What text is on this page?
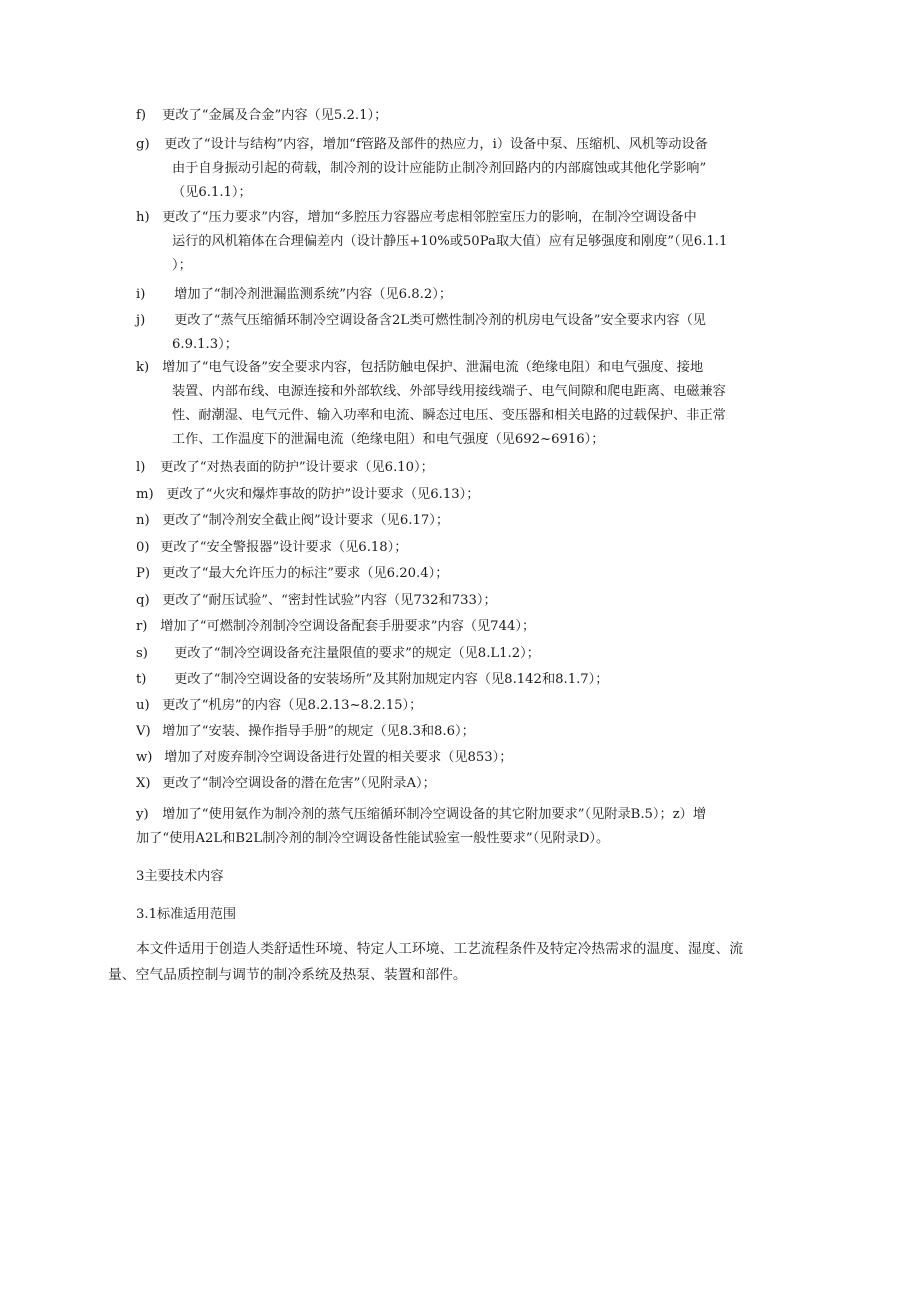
f) 更改了“金属及合金”内容（见5.2.1）；
g) 更改了“设计与结构”内容，增加“f管路及部件的热应力，i）设备中泵、压缩机、风机等动设备
由于自身振动引起的荷载，制冷剂的设计应能防止制冷剂回路内的内部腐蚀或其他化学影响”
（见6.1.1）；
h) 更改了“压力要求”内容，增加“多腔压力容器应考虑相邻腔室压力的影响，在制冷空调设备中
运行的风机箱体在合理偏差内（设计静压+10%或50Pa取大值）应有足够强度和刚度”（见6.1.1
）；
i) 增加了“制冷剂泄漏监测系统”内容（见6.8.2）；
j) 更改了“蒸气压缩循环制冷空调设备含2L类可燃性制冷剂的机房电气设备”安全要求内容（见
6.9.1.3）；
k) 增加了“电气设备”安全要求内容，包括防触电保护、泄漏电流（绝缘电阻）和电气强度、接地
装置、内部布线、电源连接和外部软线、外部导线用接线端子、电气间隙和爬电距离、电磁兼容
性、耐潮湿、电气元件、输入功率和电流、瞬态过电压、变压器和相关电路的过载保护、非正常
工作、工作温度下的泄漏电流（绝缘电阻）和电气强度（见692~6916）；
l) 更改了“对热表面的防护”设计要求（见6.10）；
m) 更改了“火灾和爆炸事故的防护”设计要求（见6.13）；
n) 更改了“制冷剂安全截止阀”设计要求（见6.17）；
0) 更改了“安全警报器”设计要求（见6.18）；
P) 更改了“最大允许压力的标注”要求（见6.20.4）；
q) 更改了“耐压试验”、“密封性试验”内容（见732和733）；
r) 增加了“可燃制冷剂制冷空调设备配套手册要求”内容（见744）；
s) 更改了“制冷空调设备充注量限值的要求”的规定（见8.L1.2）；
t) 更改了“制冷空调设备的安装场所”及其附加规定内容（见8.142和8.1.7）；
u) 更改了“机房”的内容（见8.2.13~8.2.15）；
V) 增加了“安装、操作指导手册”的规定（见8.3和8.6）；
w) 增加了对废弃制冷空调设备进行处置的相关要求（见853）；
X) 更改了“制冷空调设备的潜在危害”（见附录A）；
y) 增加了“使用氨作为制冷剂的蒸气压缩循环制冷空调设备的其它附加要求”（见附录B.5）；z）增
加了“使用A2L和B2L制冷剂的制冷空调设备性能试验室一般性要求”（见附录D）。
3主要技术内容
3.1标准适用范围
本文件适用于创造人类舒适性环境、特定人工环境、工艺流程条件及特定冷热需求的温度、湿度、流
量、空气品质控制与调节的制冷系统及热泵、装置和部件。
